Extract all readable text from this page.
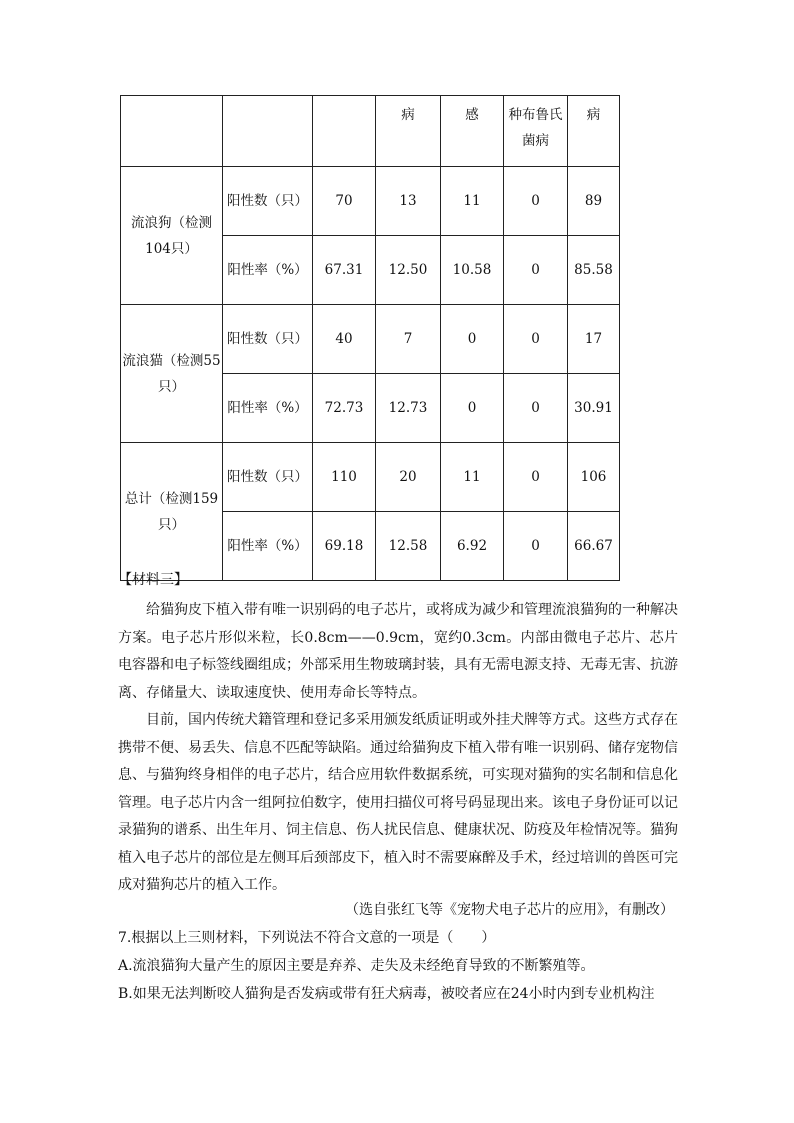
			病	感	种布鲁氏菌病	病
流浪狗（检测104只）	阳性数（只）	70	13	11	0	89
	阳性率（%）	67.31	12.50	10.58	0	85.58
流浪猫（检测55只）	阳性数（只）	40	7	0	0	17
	阳性率（%）	72.73	12.73	0	0	30.91
总计（检测159只）	阳性数（只）	110	20	11	0	106
	阳性率（%）	69.18	12.58	6.92	0	66.67
【材料三】

给猫狗皮下植入带有唯一识别码的电子芯片，或将成为减少和管理流浪猫狗的一种解决方案。电子芯片形似米粒，长0.8cm——0.9cm，宽约0.3cm。内部由微电子芯片、芯片电容器和电子标签线圈组成；外部采用生物玻璃封装，具有无需电源支持、无毒无害、抗游离、存储量大、读取速度快、使用寿命长等特点。

目前，国内传统犬籍管理和登记多采用颁发纸质证明或外挂犬牌等方式。这些方式存在携带不便、易丢失、信息不匹配等缺陷。通过给猫狗皮下植入带有唯一识别码、储存宠物信息、与猫狗终身相伴的电子芯片，结合应用软件数据系统，可实现对猫狗的实名制和信息化管理。电子芯片内含一组阿拉伯数字，使用扫描仪可将号码显现出来。该电子身份证可以记录猫狗的谱系、出生年月、饲主信息、伤人扰民信息、健康状况、防疫及年检情况等。猫狗植入电子芯片的部位是左侧耳后颈部皮下，植入时不需要麻醉及手术，经过培训的兽医可完成对猫狗芯片的植入工作。

（选自张红飞等《宠物犬电子芯片的应用》，有删改）
7.根据以上三则材料，下列说法不符合文意的一项是（　　）
A.流浪猫狗大量产生的原因主要是弃养、走失及未经绝育导致的不断繁殖等。
B.如果无法判断咬人猫狗是否发病或带有狂犬病毒，被咬者应在24小时内到专业机构注
